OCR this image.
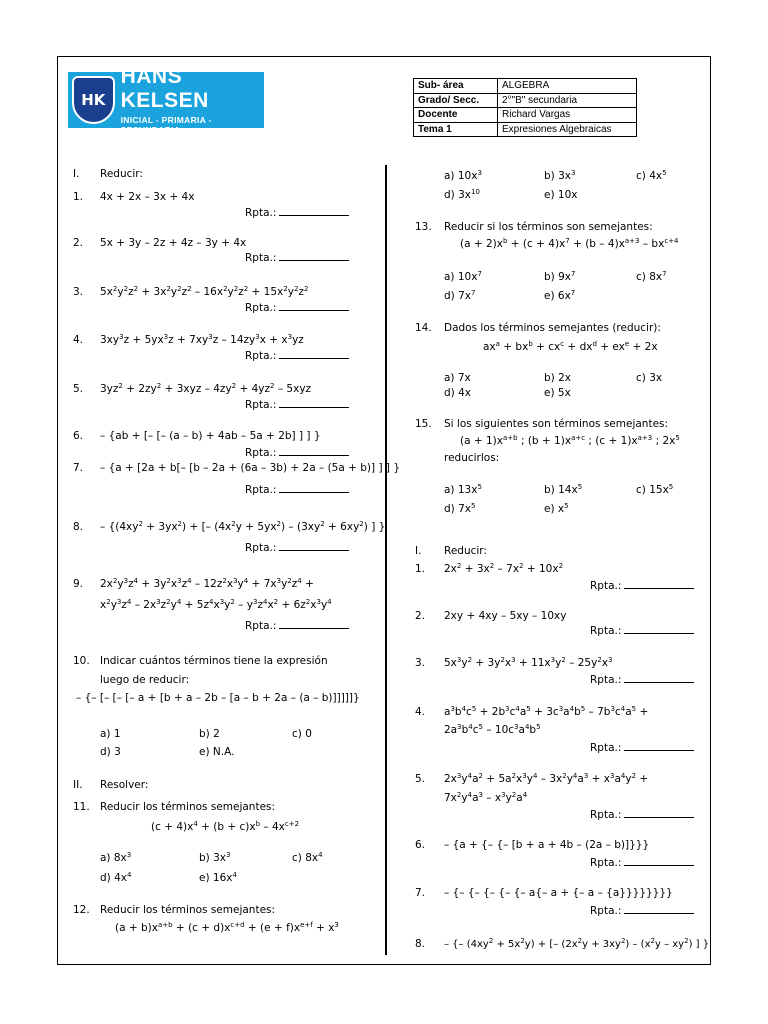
HK
HANS KELSEN
INICIAL - PRIMARIA - SECUNDARIA
Sub- área	ALGEBRA
Grado/ Secc.	2°"B" secundaria
Docente	Richard Vargas
Tema 1	Expresiones Algebraicas
I. Reducir:
1. 4x + 2x – 3x + 4x
Rpta.:
2. 5x + 3y – 2z + 4z – 3y + 4x
Rpta.:
3. $5x^2y^2z^2 + 3x^2y^2z^2 - 16x^2y^2z^2 + 15x^2y^2z^2$
Rpta.:
4. $3xy^3z + 5yx^3z + 7xy^3z - 14zy^3x + x^3yz$
Rpta.:
5. $3yz^2 + 2zy^2 + 3xyz - 4zy^2 + 4yz^2 - 5xyz$
Rpta.:
6. – {ab + [– [– (a – b) + 4ab – 5a + 2b] ] ] }
Rpta.:
7. – {a + [2a + b[– [b – 2a + (6a – 3b) + 2a – (5a + b)] ] ] }
Rpta.:
8. – {$(4xy^2 + 3yx^2)$ + [– $(4x^2y + 5yx^2) - (3xy^2 + 6xy^2)$ ] }
Rpta.:
9. $2x^2y^3z^4 + 3y^2x^3z^4 - 12z^2x^3y^4 + 7x^3y^2z^4$ +
$x^2y^3z^4 - 2x^3z^2y^4 + 5z^4x^3y^2 - y^3z^4x^2 + 6z^2x^3y^4$
Rpta.:
10. Indicar cuántos términos tiene la expresión
luego de reducir:
– {– [– [– [– a + [b + a – 2b – [a – b + 2a – (a – b)]]]]]}
a) 1	b) 2	c) 0
d) 3	e) N.A.
II. Resolver:
11. Reducir los términos semejantes:
$(c + 4)x^4 + (b + c)x^b - 4x^{c+2}$
a) $8x^3$	b) $3x^3$	c) $8x^4$
d) $4x^4$	e) $16x^4$
12. Reducir los términos semejantes:
$(a + b)x^{a+b} + (c + d)x^{c+d} + (e + f)x^{e+f} + x^3$
a) $10x^3$	b) $3x^3$	c) $4x^5$
d) $3x^{10}$	e) 10x
13. Reducir si los términos son semejantes:
$(a + 2)x^b + (c + 4)x^7 + (b - 4)x^{a+3} - bx^{c+4}$
a) $10x^7$	b) $9x^7$	c) $8x^7$
d) $7x^7$	e) $6x^7$
14. Dados los términos semejantes (reducir):
$ax^a + bx^b + cx^c + dx^d + ex^e + 2x$
a) 7x	b) 2x	c) 3x
d) 4x	e) 5x
15. Si los siguientes son términos semejantes:
$(a + 1)x^{a+b}$ ; $(b + 1)x^{a+c}$ ; $(c + 1)x^{a+3}$ ; $2x^5$
reducirlos:
a) $13x^5$	b) $14x^5$	c) $15x^5$
d) $7x^5$	e) $x^5$
I. Reducir:
1. $2x^2 + 3x^2 - 7x^2 + 10x^2$
Rpta.:
2. 2xy + 4xy – 5xy – 10xy
Rpta.:
3. $5x^3y^2 + 3y^2x^3 + 11x^3y^2 - 25y^2x^3$
Rpta.:
4. $a^3b^4c^5 + 2b^3c^4a^5 + 3c^3a^4b^5 - 7b^3c^4a^5$ +
$2a^3b^4c^5 - 10c^3a^4b^5$
Rpta.:
5. $2x^3y^4a^2 + 5a^2x^3y^4 - 3x^2y^4a^3 + x^3a^4y^2$ +
$7x^2y^4a^3 - x^3y^2a^4$
Rpta.:
6. – {a + {– {– [b + a + 4b – (2a – b)]}}}
Rpta.:
7. – {– {– {– {– {– a{– a + {– a – {a}}}}}}}}
Rpta.:
8. – {– $(4xy^2 + 5x^2y)$ + [– $(2x^2y + 3xy^2) - (x^2y - xy^2)$ ] }
